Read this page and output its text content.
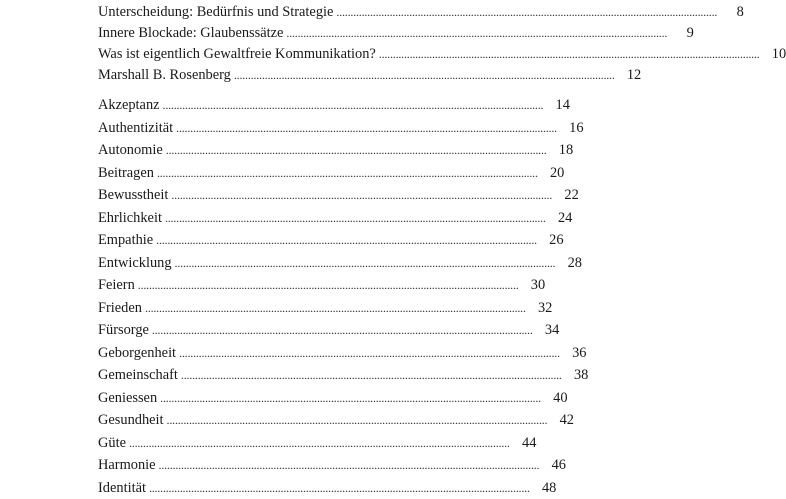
Unterscheidung: Bedürfnis und Strategie . . .	8
Innere Blockade: Glaubenssätze . . .	9
Was ist eigentlich Gewaltfreie Kommunikation? . . .	10
Marshall B. Rosenberg . . .	12
Akzeptanz . . .	14
Authentizität . . .	16
Autonomie . . .	18
Beitragen . . .	20
Bewusstheit . . .	22
Ehrlichkeit . . .	24
Empathie . . .	26
Entwicklung . . .	28
Feiern . . .	30
Frieden . . .	32
Fürsorge . . .	34
Geborgenheit . . .	36
Gemeinschaft . . .	38
Geniessen . . .	40
Gesundheit . . .	42
Güte . . .	44
Harmonie . . .	46
Identität . . .	48
